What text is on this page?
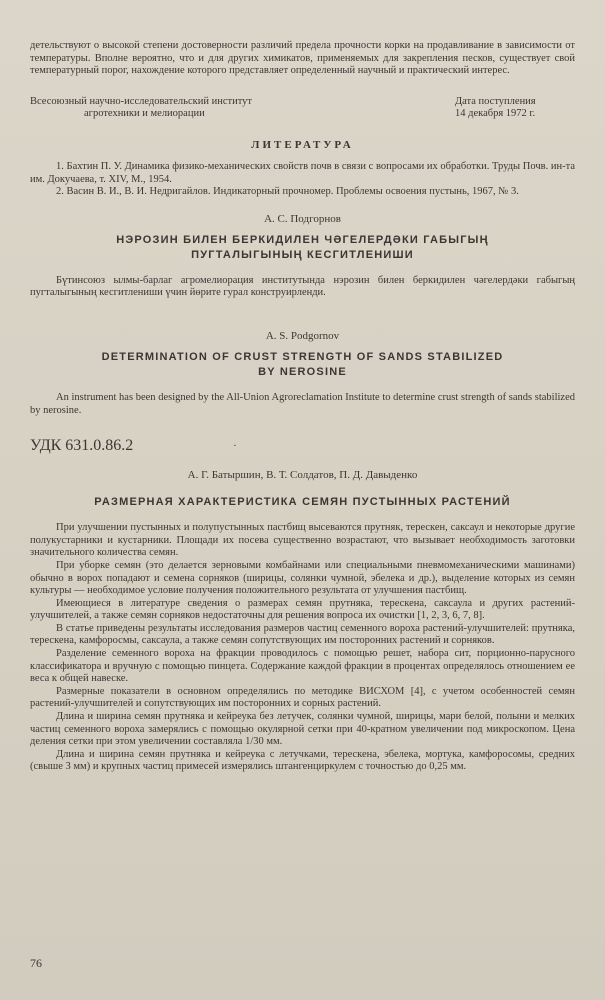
детельствуют о высокой степени достоверности различий предела прочности корки на продавливание в зависимости от температуры. Вполне вероятно, что и для других химикатов, применяемых для закрепления песков, существует свой температурный порог, нахождение которого представляет определенный научный и практический интерес.

Всесоюзный научно-исследовательский институт
агротехники и мелиорации
Дата поступления
14 декабря 1972 г.
ЛИТЕРАТУРА

1. Бахтин П. У. Динамика физико-механических свойств почв в связи с вопросами их обработки. Труды Почв. ин-та им. Докучаева, т. XIV, М., 1954.

2. Васин В. И., В. И. Недригайлов. Индикаторный прочномер. Проблемы освоения пустынь, 1967, № 3.

А. С. Подгорнов
НЭРОЗИН БИЛЕН БЕРКИДИЛЕН ЧӘГЕЛЕРДӘКИ ГАБЫГЫҢ
ПУГТАЛЫГЫНЫҢ КЕСГИТЛЕНИШИ

Бүтинсоюз ылмы-барлаг агромелиорация институтында нэрозин билен беркидилен чәгелердәки габыгың пугталыгының кесгитлениши үчин йөрите гурал конструирленди.

A. S. Podgornov
DETERMINATION OF CRUST STRENGTH OF SANDS STABILIZED
BY NEROSINE

An instrument has been designed by the All-Union Agroreclamation Institute to determine crust strength of sands stabilized by nerosine.

УДК 631.0.86.2	·
А. Г. Батыршин, В. Т. Солдатов, П. Д. Давыденко
РАЗМЕРНАЯ ХАРАКТЕРИСТИКА СЕМЯН ПУСТЫННЫХ РАСТЕНИЙ

При улучшении пустынных и полупустынных пастбищ высеваются прутняк, терескен, саксаул и некоторые другие полукустарники и кустарники. Площади их посева существенно возрастают, что вызывает необходимость заготовки значительного количества семян.

При уборке семян (это делается зерновыми комбайнами или специальными пневмомеханическими машинами) обычно в ворох попадают и семена сорняков (ширицы, солянки чумной, эбелека и др.), выделение которых из семян культуры — необходимое условие получения положительного результата от улучшения пастбищ.

Имеющиеся в литературе сведения о размерах семян прутняка, терескена, саксаула и других растений-улучшителей, а также семян сорняков недостаточны для решения вопроса их очистки [1, 2, 3, 6, 7, 8].

В статье приведены результаты исследования размеров частиц семенного вороха растений-улучшителей: прутняка, терескена, камфоросмы, саксаула, а также семян сопутствующих им посторонних растений и сорняков.

Разделение семенного вороха на фракции проводилось с помощью решет, набора сит, порционно-парусного классификатора и вручную с помощью пинцета. Содержание каждой фракции в процентах определялось отношением ее веса к общей навеске.

Размерные показатели в основном определялись по методике ВИСХОМ [4], с учетом особенностей семян растений-улучшителей и сопутствующих им посторонних и сорных растений.

Длина и ширина семян прутняка и кейреука без летучек, солянки чумной, ширицы, мари белой, полыни и мелких частиц семенного вороха замерялись с помощью окулярной сетки при 40-кратном увеличении под микроскопом. Цена деления сетки при этом увеличении составляла 1/30 мм.

Длина и ширина семян прутняка и кейреука с летучками, терескена, эбелека, мортука, камфоросомы, средних (свыше 3 мм) и крупных частиц примесей измерялись штангенциркулем с точностью до 0,25 мм.

76
